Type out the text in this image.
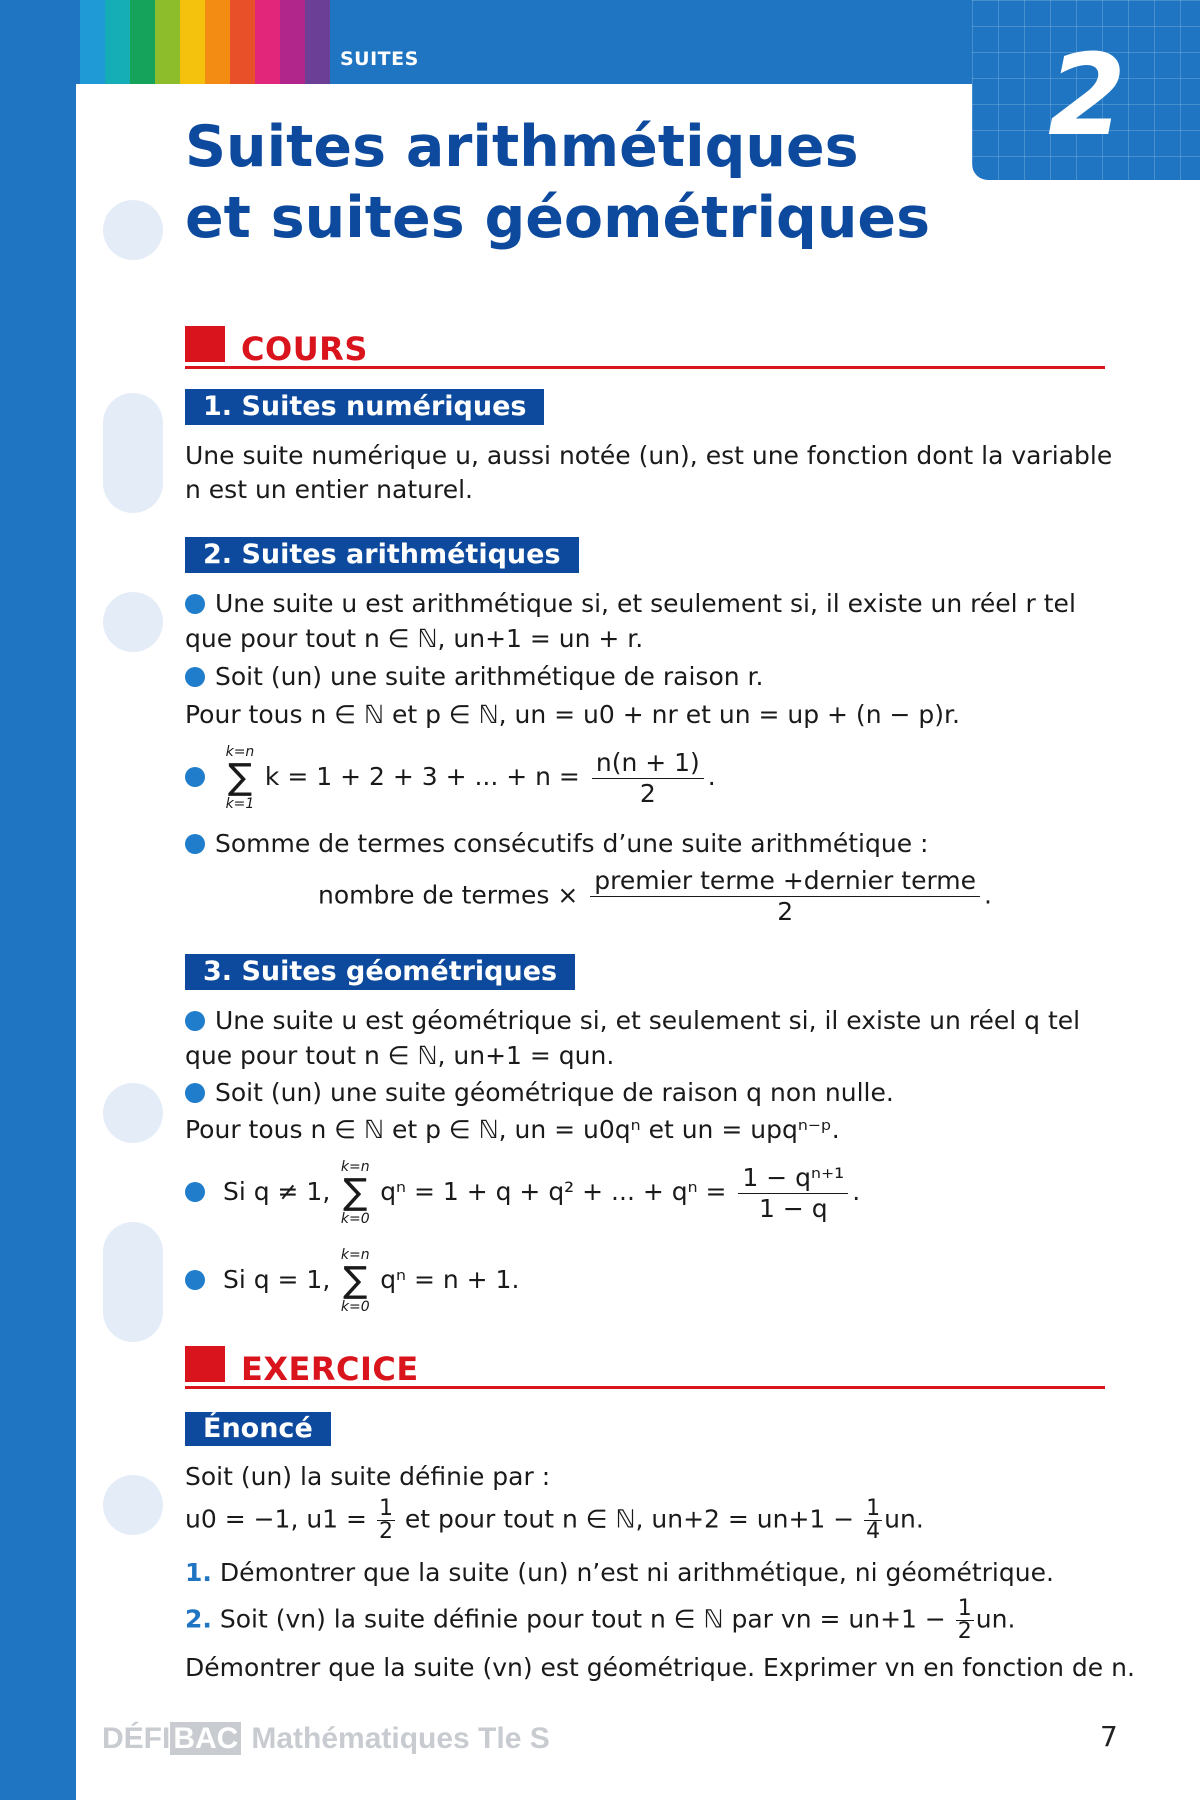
SUITES	2
Suites arithmétiques
et suites géométriques
COURS
1. Suites numériques
Une suite numérique u, aussi notée (un), est une fonction dont la variable
n est un entier naturel.
2. Suites arithmétiques
Une suite u est arithmétique si, et seulement si, il existe un réel r tel
que pour tout n ∈ ℕ, un+1 = un + r.
Soit (un) une suite arithmétique de raison r.
Pour tous n ∈ ℕ et p ∈ ℕ, un = u0 + nr et un = up + (n − p)r.

k=n
∑
k=1
k = 1 + 2 + 3 + ... + $n = \frac{n(n + 1)}{2}$ .
Somme de termes consécutifs d’une suite arithmétique :
nombre de termes × $\frac{\text{premier terme +dernier terme}}{2}$ .
3. Suites géométriques
Une suite u est géométrique si, et seulement si, il existe un réel q tel
que pour tout n ∈ ℕ, un+1 = qun.
Soit (un) une suite géométrique de raison q non nulle.
Pour tous n ∈ ℕ et p ∈ ℕ, un = u0qⁿ et un = upqⁿ⁻ᵖ.
Si q ≠ 1,
k=n
∑
k=0
qⁿ = 1 + q + q² + ... + $q^n = \frac{\text{1 − qⁿ⁺¹}}{1 - q}$ .
Si q = 1,
k=n
∑
k=0
qⁿ = n + 1.
EXERCICE
Énoncé
Soit (un) la suite définie par :
u0 = −1, $u1 = \frac{1}{2}$ et pour tout n ∈ ℕ, $un+2 = un+1 - \frac{1}{4}$ un.
1. Démontrer que la suite (un) n’est ni arithmétique, ni géométrique.
2. Soit (vn) la suite définie pour tout n ∈ ℕ par vn = $un+1 - \frac{1}{2}$ un.
Démontrer que la suite (vn) est géométrique. Exprimer vn en fonction de n.
DÉFI BAC Mathématiques Tle S	7
